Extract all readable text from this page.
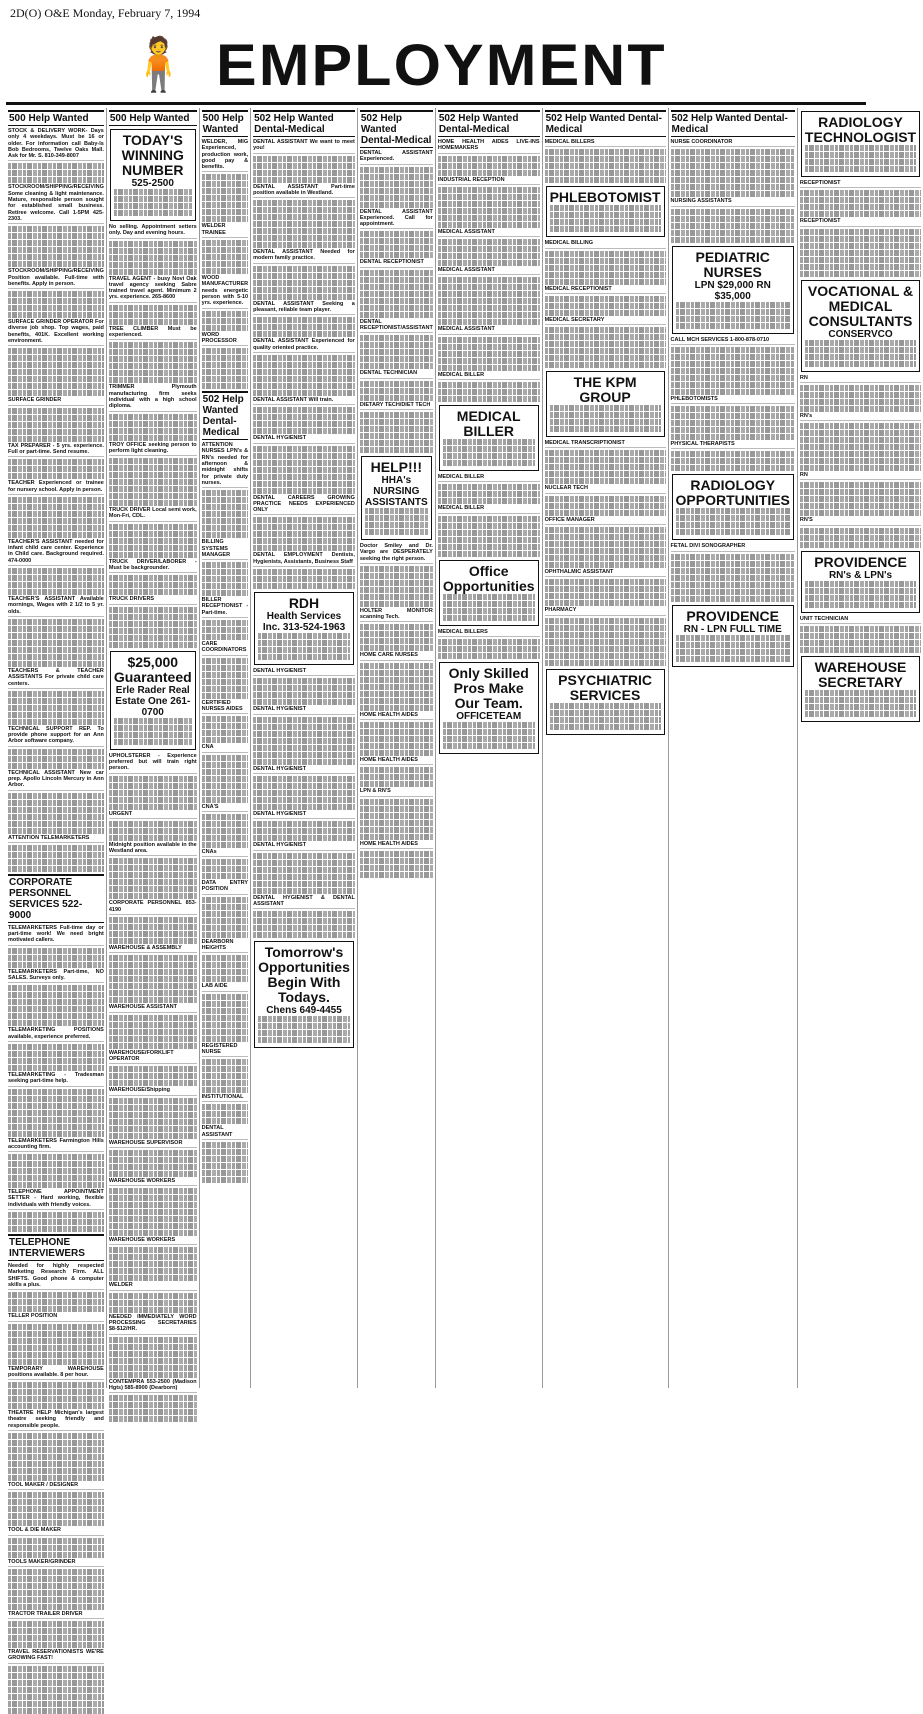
2D(O) O&E Monday, February 7, 1994
🧍 EMPLOYMENT
500 Help Wanted
STOCK & DELIVERY WORK- Days only 4 weekdays. Must be 16 or older. For information call Baby-Is Bob Bedrooms, Twelve Oaks Mall. Ask for Mr. S. 810-349-8007
STOCKROOM/SHIPPING/RECEIVING Some cleaning & light maintenance. Mature, responsible person sought for established small business. Retiree welcome. Call 1-5PM 425-2303.
STOCKROOM/SHIPPING/RECEIVING Position available. Full-time with benefits. Apply in person.
SURFACE GRINDER OPERATOR For diverse job shop. Top wages, paid benefits, 401K. Excellent working environment.
SURFACE GRINDER
TAX PREPARER - 5 yrs. experience. Full or part-time. Send resume.
TEACHER Experienced or trainee for nursery school. Apply in person.
TEACHER'S ASSISTANT needed for infant child care center. Experience in Child care. Background required. 474-0000
TEACHER'S ASSISTANT Available mornings, Wages with 2 1/2 to 5 yr. olds.
TEACHERS & TEACHER ASSISTANTS For private child care centers.
TECHNICAL SUPPORT REP. To provide phone support for an Ann Arbor software company.
TECHNICAL ASSISTANT New car prep. Apollo Lincoln Mercury in Ann Arbor.
ATTENTION TELEMARKETERS
CORPORATE PERSONNEL SERVICES 522-9000
TELEMARKETERS Full-time day or part-time work! We need bright motivated callers.
TELEMARKETERS Part-time, NO SALES. Surveys only.
TELEMARKETING POSITIONS available, experience preferred.
TELEMARKETING - Tradesman seeking part-time help.
TELEMARKETERS Farmington Hills accounting firm.
TELEPHONE APPOINTMENT SETTER - Hard working, flexible individuals with friendly voices.
TELEPHONE INTERVIEWERS
Needed for highly respected Marketing Research Firm. ALL SHIFTS. Good phone & computer skills a plus.
TELLER POSITION
TEMPORARY WAREHOUSE positions available. 8 per hour.
THEATRE HELP Michigan's largest theatre seeking friendly and responsible people.
TOOL MAKER / DESIGNER
TOOL & DIE MAKER
TOOLS MAKER/GRINDER
TRACTOR TRAILER DRIVER
TRAVEL RESERVATIONISTS WE'RE GROWING FAST!
500 Help Wanted
TODAY'S WINNING NUMBER
525-2500
No selling. Appointment setters only. Day and evening hours.
TRAVEL AGENT - busy Novi Oak travel agency seeking Sabre trained travel agent. Minimum 2 yrs. experience. 265-8600
TREE CLIMBER Must be experienced.
TRIMMER Plymouth manufacturing firm seeks individual with a high school diploma.
TROY OFFICE seeking person to perform light cleaning.
TRUCK DRIVER Local semi work, Mon-Fri, CDL.
TRUCK DRIVER/LABORER - Must be backgrounder.
TRUCK DRIVERS
$25,000 Guaranteed
Erle Rader Real Estate One 261-0700
UPHOLSTERER - Experience preferred but will train right person.
URGENT
Midnight position available in the Westland area.
CORPORATE PERSONNEL 853-4190
WAREHOUSE & ASSEMBLY
WAREHOUSE ASSISTANT
WAREHOUSE/FORKLIFT OPERATOR
WAREHOUSE/Shipping
WAREHOUSE SUPERVISOR
WAREHOUSE WORKERS
WAREHOUSE WORKERS
WELDER
NEEDED IMMEDIATELY WORD PROCESSING SECRETARIES $8-$12/HR.
CONTEMPRA 553-2500 (Madison Hgts) 585-8900 (Dearborn)
500 Help Wanted
WELDER, MIG Experienced, production work, good pay & benefits.
WELDER TRAINEE
WOOD MANUFACTURER needs energetic person with 5-10 yrs. experience.
WORD PROCESSOR
502 Help Wanted Dental-Medical
ATTENTION NURSES LPN's & RN's needed for afternoon & midnight shifts for private duty nurses.
BILLING SYSTEMS MANAGER
BILLER RECEPTIONIST - Part-time.
CARE COORDINATORS
CERTIFIED NURSES AIDES
CNA
CNA'S
CNAs
DATA ENTRY POSITION
DEARBORN HEIGHTS
LAB AIDE
REGISTERED NURSE
INSTITUTIONAL
DENTAL ASSISTANT
502 Help Wanted Dental-Medical
DENTAL ASSISTANT We want to meet you!
DENTAL ASSISTANT Part-time position available in Westland.
DENTAL ASSISTANT Needed for modern family practice.
DENTAL ASSISTANT Seeking a pleasant, reliable team player.
DENTAL ASSISTANT Experienced for quality oriented practice.
DENTAL ASSISTANT Will train.
DENTAL HYGIENIST
DENTAL CAREERS GROWING PRACTICE NEEDS EXPERIENCED ONLY
DENTAL EMPLOYMENT Dentists, Hygienists, Assistants, Business Staff
RDH
Health Services Inc. 313-524-1963
DENTAL HYGIENIST
DENTAL HYGIENIST
DENTAL HYGIENIST
DENTAL HYGIENIST
DENTAL HYGIENIST
DENTAL HYGIENIST & DENTAL ASSISTANT
Tomorrow's Opportunities Begin With Todays.
Chens 649-4455
502 Help Wanted Dental-Medical
DENTAL ASSISTANT Experienced.
DENTAL ASSISTANT Experienced. Call for appointment.
DENTAL RECEPTIONIST
DENTAL RECEPTIONIST/ASSISTANT
DENTAL TECHNICIAN
DIETARY TECH/DIET TECH
HELP!!!
HHA's NURSING ASSISTANTS
Doctor Smiley and Dr. Vargo are DESPERATELY seeking the right person.
HOLTER MONITOR scanning Tech.
HOME CARE NURSES
HOME HEALTH AIDES
HOME HEALTH AIDES
LPN & RN'S
HOME HEALTH AIDES
502 Help Wanted Dental-Medical
HOME HEALTH AIDES LIVE-INS HOMEMAKERS
INDUSTRIAL RECEPTION
MEDICAL ASSISTANT
MEDICAL ASSISTANT
MEDICAL ASSISTANT
MEDICAL BILLER
MEDICAL BILLER
MEDICAL BILLER
MEDICAL BILLER
Office Opportunities
MEDICAL BILLERS
Only Skilled Pros Make Our Team.
OFFICETEAM
502 Help Wanted Dental-Medical
MEDICAL BILLERS
PHLEBOTOMIST
MEDICAL BILLING
MEDICAL RECEPTIONIST
MEDICAL SECRETARY
THE KPM GROUP
MEDICAL TRANSCRIPTIONIST
NUCLEAR TECH
OFFICE MANAGER
OPHTHALMIC ASSISTANT
PHARMACY
PSYCHIATRIC SERVICES
502 Help Wanted Dental-Medical
NURSE COORDINATOR
NURSING ASSISTANTS
PEDIATRIC NURSES
LPN $29,000 RN $35,000
CALL MCH SERVICES 1-800-878-0710
PHLEBOTOMISTS
PHYSICAL THERAPISTS
RADIOLOGY OPPORTUNITIES
FETAL DIVI SONOGRAPHER
PROVIDENCE
RN - LPN FULL TIME
RADIOLOGY TECHNOLOGIST
RECEPTIONIST
RECEPTIONIST
VOCATIONAL & MEDICAL CONSULTANTS
CONSERVCO
RN
RN's
RN
RN'S
PROVIDENCE
RN's & LPN's
UNIT TECHNICIAN
WAREHOUSE SECRETARY
